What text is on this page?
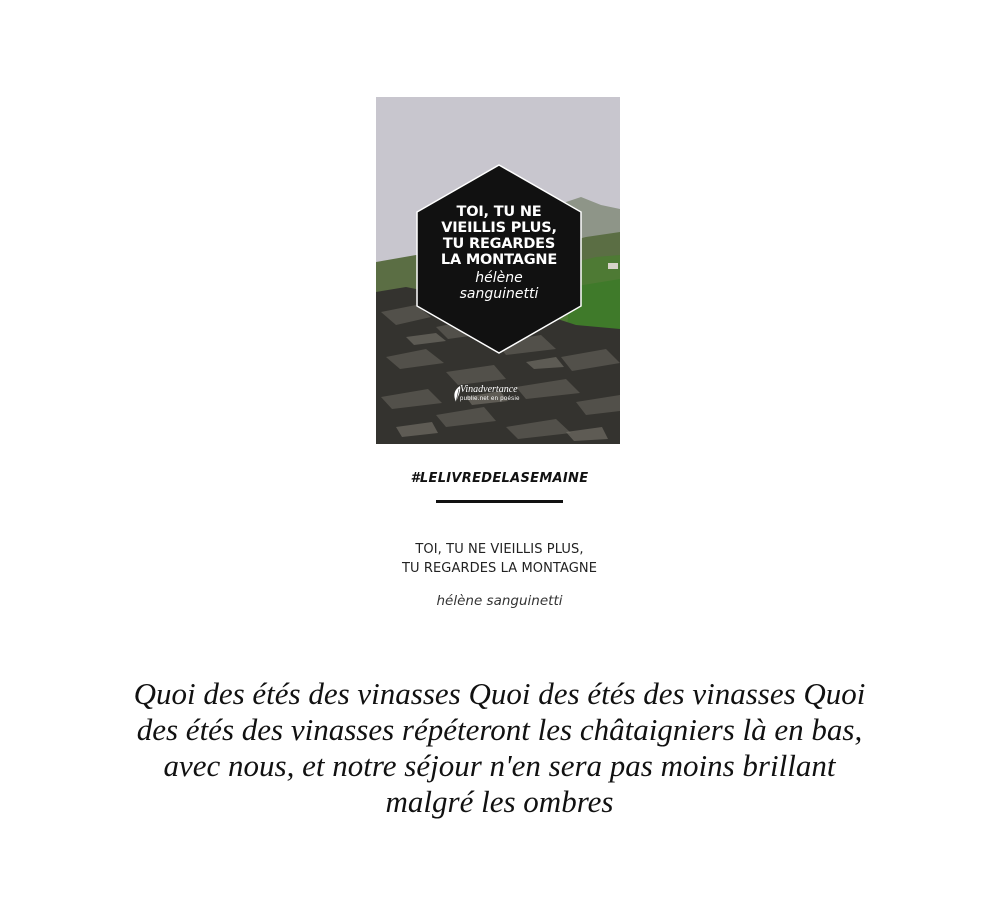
TOI, TU NE
VIEILLIS PLUS,
TU REGARDES
LA MONTAGNE
hélène
sanguinetti
Vinadvertance
publie.net en poésie
#LELIVREDELASEMAINE
TOI, TU NE VIEILLIS PLUS,
TU REGARDES LA MONTAGNE
hélène sanguinetti
Quoi des étés des vinasses Quoi des étés des vinasses Quoi des étés des vinasses répéteront les châtaigniers là en bas, avec nous, et notre séjour n'en sera pas moins brillant malgré les ombres
